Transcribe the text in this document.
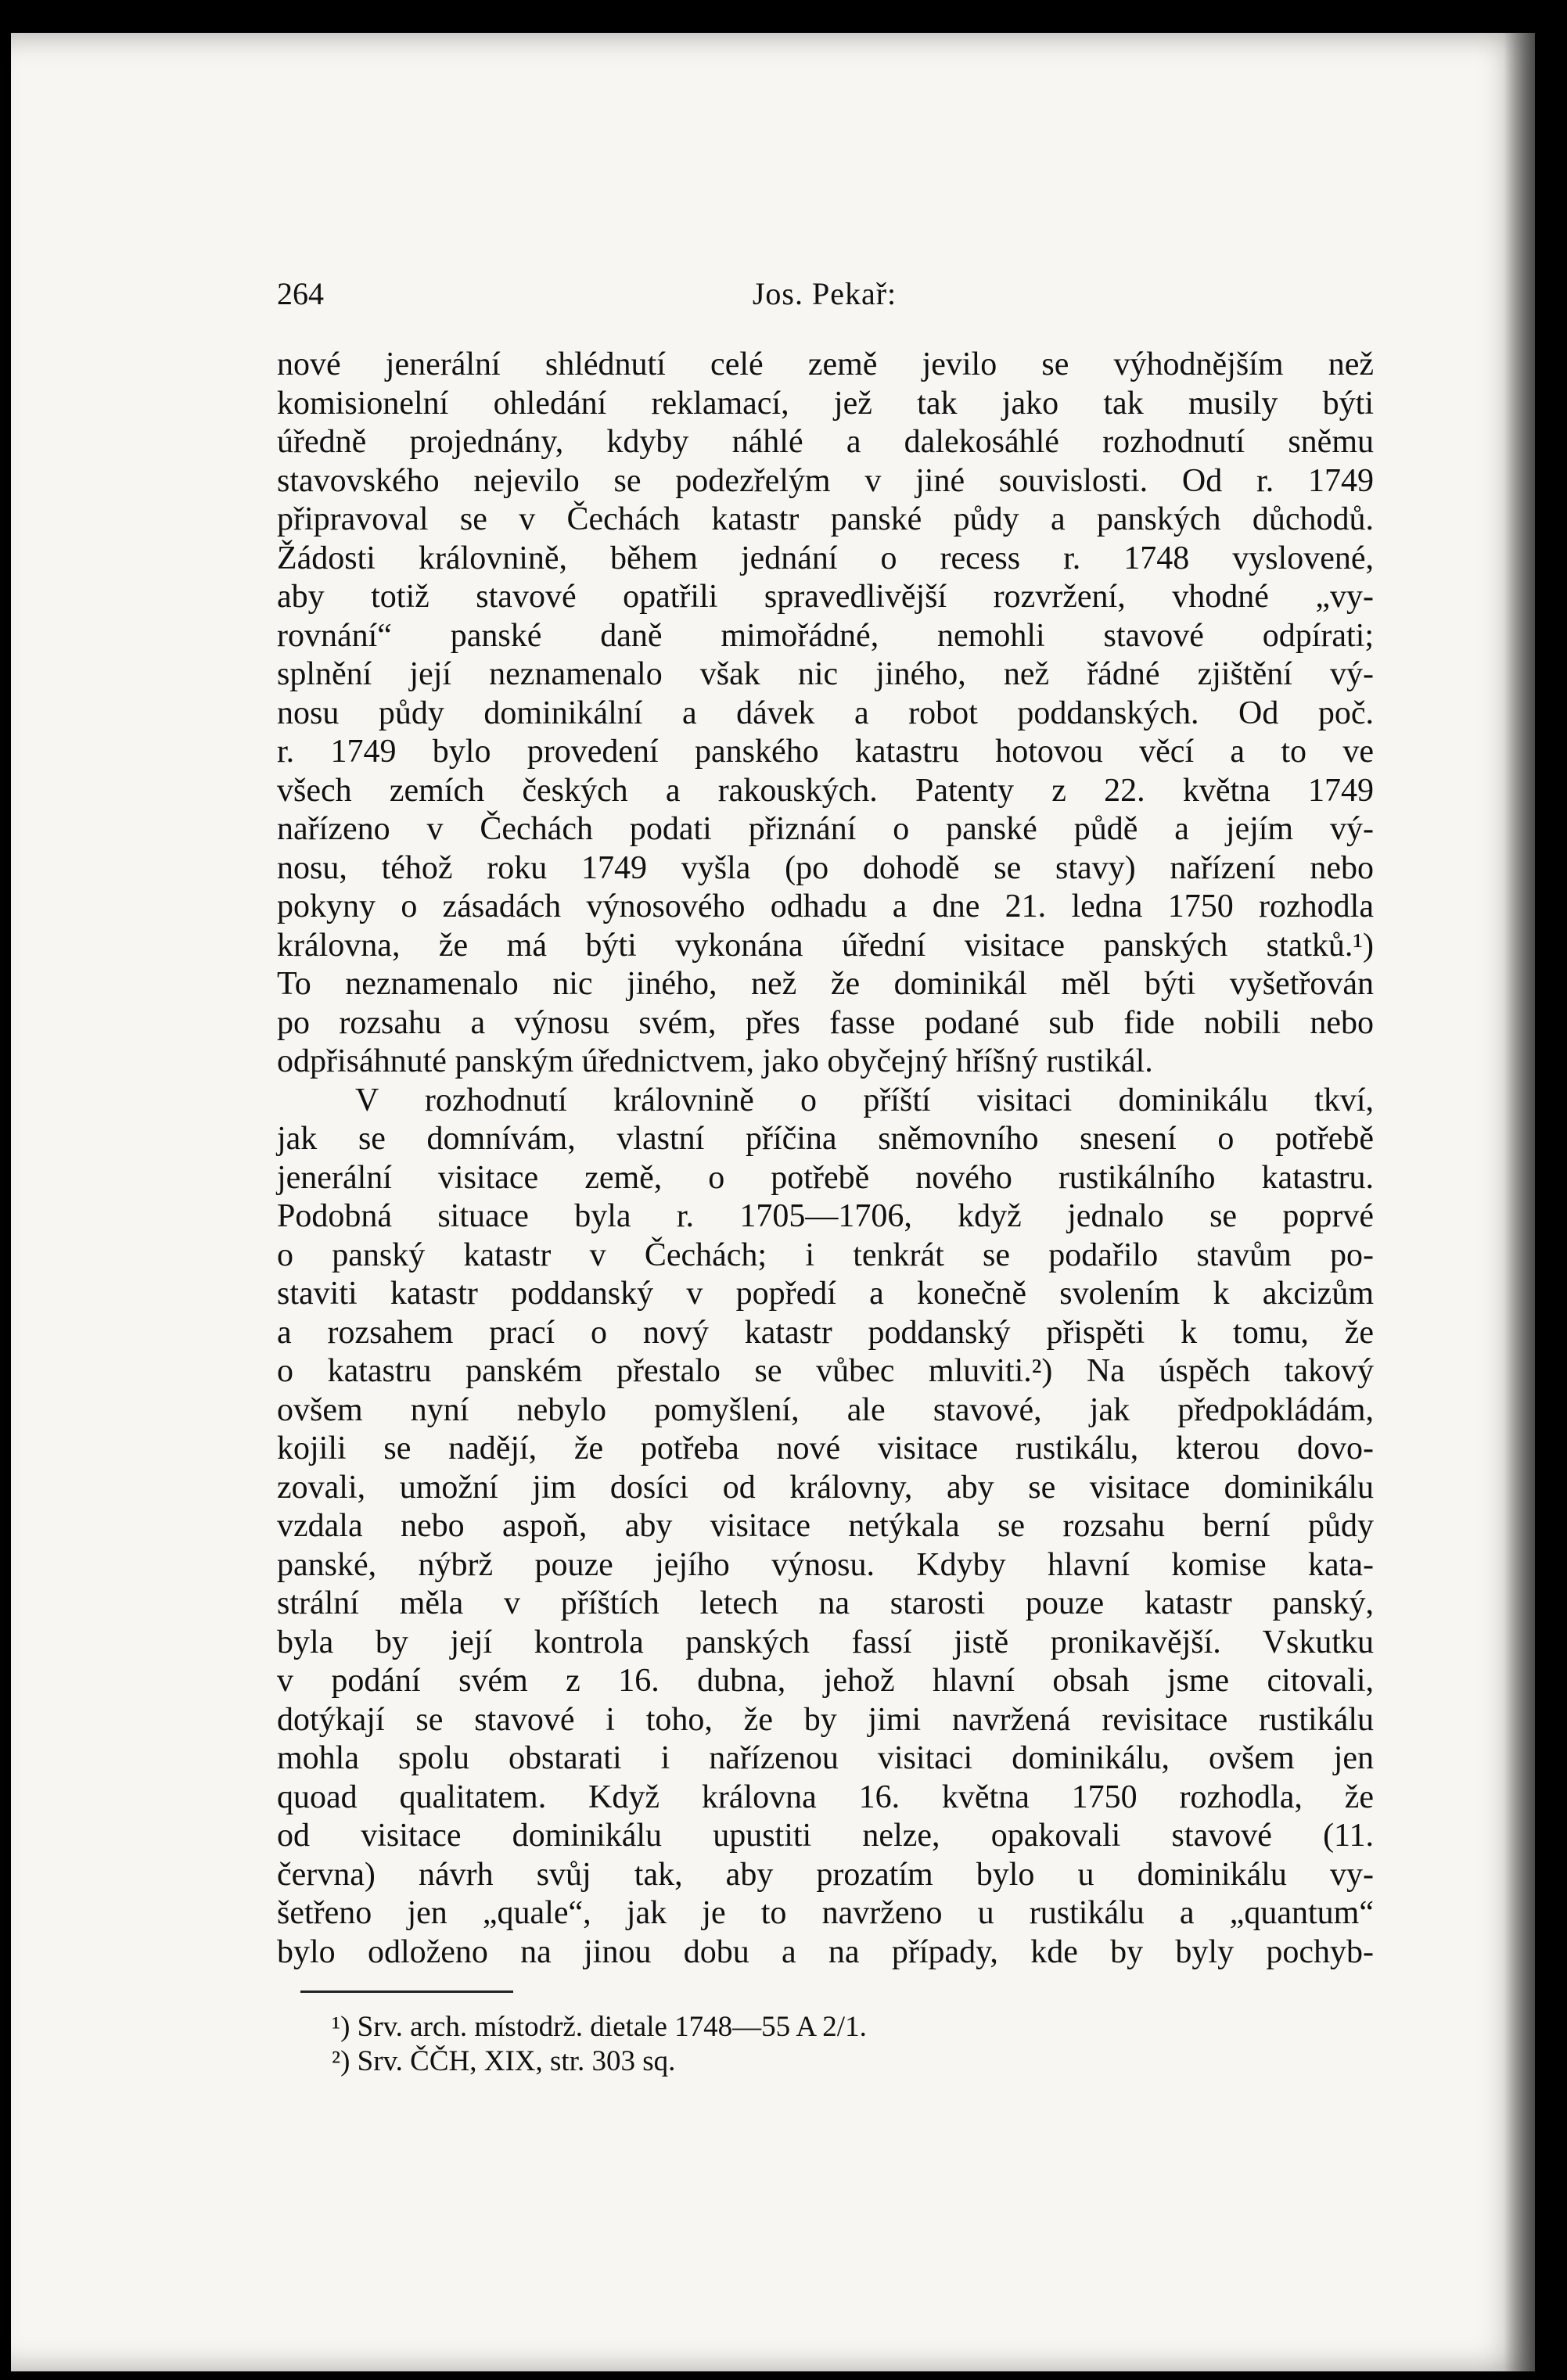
264	Jos. Pekař:
nové jenerální shlédnutí celé země jevilo se výhodnějším než
komisionelní ohledání reklamací, jež tak jako tak musily býti
úředně projednány, kdyby náhlé a dalekosáhlé rozhodnutí sněmu
stavovského nejevilo se podezřelým v jiné souvislosti. Od r. 1749
připravoval se v Čechách katastr panské půdy a panských důchodů.
Žádosti královnině, během jednání o recess r. 1748 vyslovené,
aby totiž stavové opatřili spravedlivější rozvržení, vhodné „vy-
rovnání“ panské daně mimořádné, nemohli stavové odpírati;
splnění její neznamenalo však nic jiného, než řádné zjištění vý-
nosu půdy dominikální a dávek a robot poddanských. Od poč.
r. 1749 bylo provedení panského katastru hotovou věcí a to ve
všech zemích českých a rakouských. Patenty z 22. května 1749
nařízeno v Čechách podati přiznání o panské půdě a jejím vý-
nosu, téhož roku 1749 vyšla (po dohodě se stavy) nařízení nebo
pokyny o zásadách výnosového odhadu a dne 21. ledna 1750 rozhodla
královna, že má býti vykonána úřední visitace panských statků.¹)
To neznamenalo nic jiného, než že dominikál měl býti vyšetřován
po rozsahu a výnosu svém, přes fasse podané sub fide nobili nebo
odpřisáhnuté panským úřednictvem, jako obyčejný hříšný rustikál.
V rozhodnutí královnině o příští visitaci dominikálu tkví,
jak se domnívám, vlastní příčina sněmovního snesení o potřebě
jenerální visitace země, o potřebě nového rustikálního katastru.
Podobná situace byla r. 1705—1706, když jednalo se poprvé
o panský katastr v Čechách; i tenkrát se podařilo stavům po-
staviti katastr poddanský v popředí a konečně svolením k akcizům
a rozsahem prací o nový katastr poddanský přispěti k tomu, že
o katastru panském přestalo se vůbec mluviti.²) Na úspěch takový
ovšem nyní nebylo pomyšlení, ale stavové, jak předpokládám,
kojili se nadějí, že potřeba nové visitace rustikálu, kterou dovo-
zovali, umožní jim dosíci od královny, aby se visitace dominikálu
vzdala nebo aspoň, aby visitace netýkala se rozsahu berní půdy
panské, nýbrž pouze jejího výnosu. Kdyby hlavní komise kata-
strální měla v příštích letech na starosti pouze katastr panský,
byla by její kontrola panských fassí jistě pronikavější. Vskutku
v podání svém z 16. dubna, jehož hlavní obsah jsme citovali,
dotýkají se stavové i toho, že by jimi navržená revisitace rustikálu
mohla spolu obstarati i nařízenou visitaci dominikálu, ovšem jen
quoad qualitatem. Když královna 16. května 1750 rozhodla, že
od visitace dominikálu upustiti nelze, opakovali stavové (11.
června) návrh svůj tak, aby prozatím bylo u dominikálu vy-
šetřeno jen „quale“, jak je to navrženo u rustikálu a „quantum“
bylo odloženo na jinou dobu a na případy, kde by byly pochyb-
¹) Srv. arch. místodrž. dietale 1748—55 A 2/1.
²) Srv. ČČH, XIX, str. 303 sq.
